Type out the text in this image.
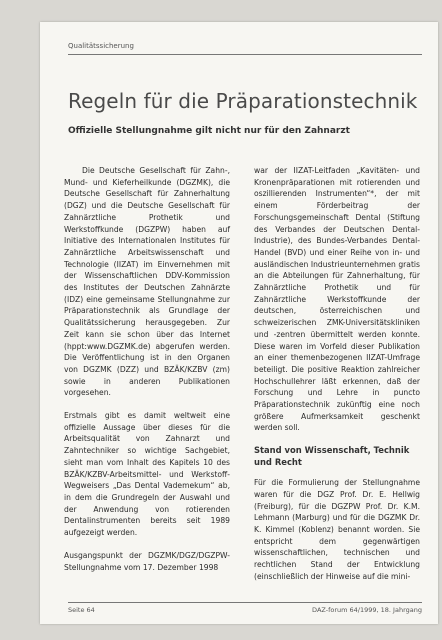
Qualitätssicherung
Regeln für die Präparationstechnik
Offizielle Stellungnahme gilt nicht nur für den Zahnarzt

Die Deutsche Gesellschaft für Zahn-, Mund- und Kieferheilkunde (DGZMK), die Deutsche Gesellschaft für Zahnerhaltung (DGZ) und die Deutsche Gesellschaft für Zahnärztliche Prothetik und Werkstoffkunde (DGZPW) haben auf Initiative des Internationalen Institutes für Zahnärztliche Arbeitswissenschaft und Technologie (IIZAT) im Einvernehmen mit der Wissenschaftlichen DDV-Kommission des Institutes der Deutschen Zahnärzte (IDZ) eine gemeinsame Stellungnahme zur Präparationstechnik als Grundlage der Qualitätssicherung herausgegeben. Zur Zeit kann sie schon über das Internet (hppt:www.DGZMK.de) abgerufen werden. Die Veröffentlichung ist in den Organen von DGZMK (DZZ) und BZÄK/KZBV (zm) sowie in anderen Publikationen vorgesehen.

Erstmals gibt es damit weltweit eine offizielle Aussage über dieses für die Arbeitsqualität von Zahnarzt und Zahntechniker so wichtige Sachgebiet, sieht man vom Inhalt des Kapitels 10 des BZÄK/KZBV-Arbeitsmittel- und Werkstoff-Wegweisers „Das Dental Vademekum“ ab, in dem die Grundregeln der Auswahl und der Anwendung von rotierenden Dentalinstrumenten bereits seit 1989 aufgezeigt werden.

Ausgangspunkt der DGZMK/DGZ/DGZPW-Stellungnahme vom 17. Dezember 1998

war der IIZAT-Leitfaden „Kavitäten- und Kronenpräparationen mit rotierenden und oszillierenden Instrumenten“*, der mit einem Förderbeitrag der Forschungsgemeinschaft Dental (Stiftung des Verbandes der Deutschen Dental-Industrie), des Bundes-Verbandes Dental-Handel (BVD) und einer Reihe von in- und ausländischen Industrieunternehmen gratis an die Abteilungen für Zahnerhaltung, für Zahnärztliche Prothetik und für Zahnärztliche Werkstoffkunde der deutschen, österreichischen und schweizerischen ZMK-Universitätskliniken und -zentren übermittelt werden konnte. Diese waren im Vorfeld dieser Publikation an einer themenbezogenen IIZAT-Umfrage beteiligt. Die positive Reaktion zahlreicher Hochschullehrer läßt erkennen, daß der Forschung und Lehre in puncto Präparationstechnik zukünftig eine noch größere Aufmerksamkeit geschenkt werden soll.

Stand von Wissenschaft, Technik und Recht

Für die Formulierung der Stellungnahme waren für die DGZ Prof. Dr. E. Hellwig (Freiburg), für die DGZPW Prof. Dr. K.M. Lehmann (Marburg) und für die DGZMK Dr. K. Kimmel (Koblenz) benannt worden. Sie entspricht dem gegenwärtigen wissenschaftlichen, technischen und rechtlichen Stand der Entwicklung (einschließlich der Hinweise auf die mini-

Seite 64	DAZ-forum 64/1999, 18. Jahrgang
